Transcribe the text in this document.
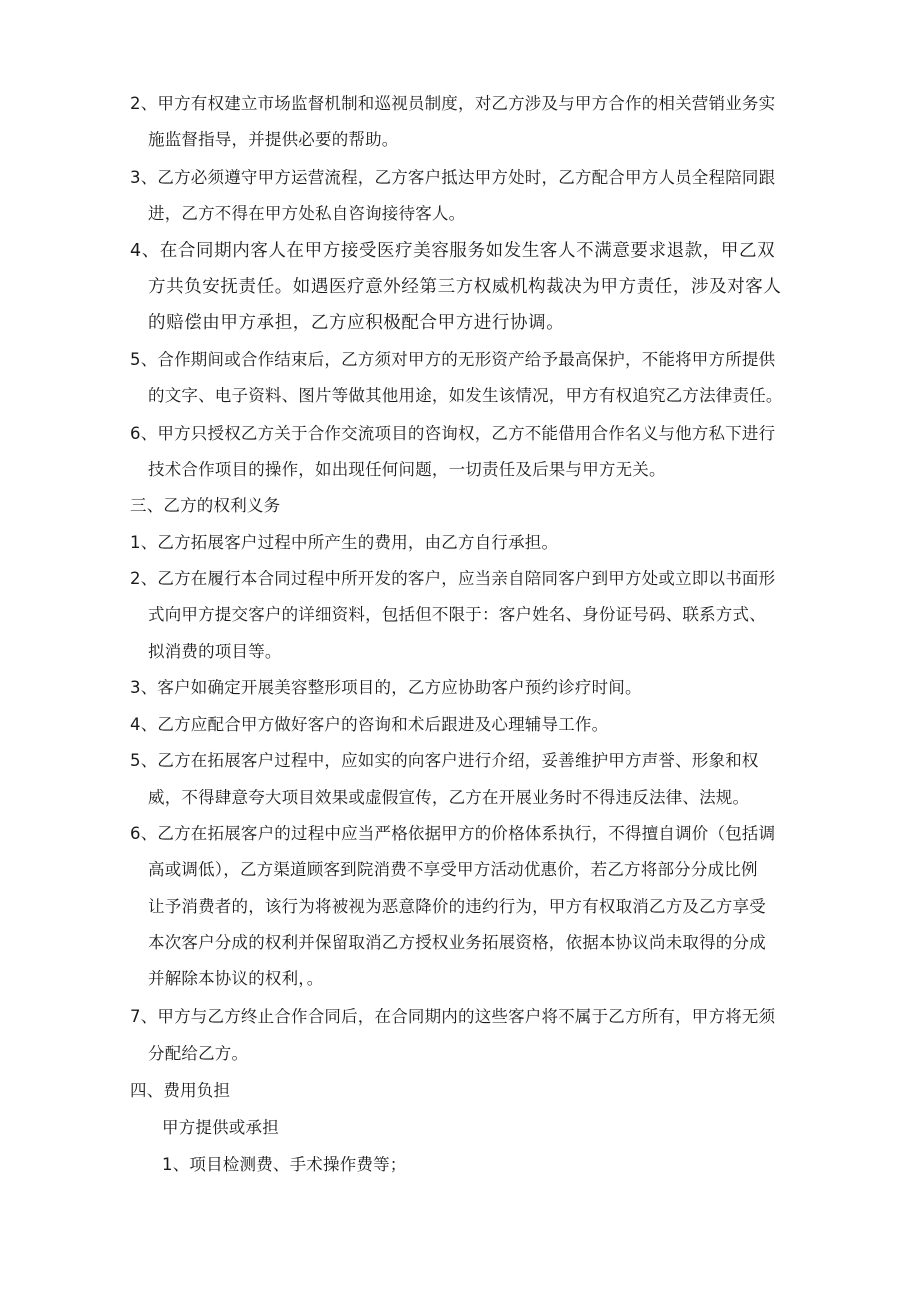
2、甲方有权建立市场监督机制和巡视员制度，对乙方涉及与甲方合作的相关营销业务实
施监督指导，并提供必要的帮助。
3、乙方必须遵守甲方运营流程，乙方客户抵达甲方处时，乙方配合甲方人员全程陪同跟
进，乙方不得在甲方处私自咨询接待客人。
4、在合同期内客人在甲方接受医疗美容服务如发生客人不满意要求退款，甲乙双
方共负安抚责任。如遇医疗意外经第三方权威机构裁决为甲方责任，涉及对客人
的赔偿由甲方承担，乙方应积极配合甲方进行协调。
5、合作期间或合作结束后，乙方须对甲方的无形资产给予最高保护，不能将甲方所提供
的文字、电子资料、图片等做其他用途，如发生该情况，甲方有权追究乙方法律责任。
6、甲方只授权乙方关于合作交流项目的咨询权，乙方不能借用合作名义与他方私下进行
技术合作项目的操作，如出现任何问题，一切责任及后果与甲方无关。
三、乙方的权利义务
1、乙方拓展客户过程中所产生的费用，由乙方自行承担。
2、乙方在履行本合同过程中所开发的客户，应当亲自陪同客户到甲方处或立即以书面形
式向甲方提交客户的详细资料，包括但不限于：客户姓名、身份证号码、联系方式、
拟消费的项目等。
3、客户如确定开展美容整形项目的，乙方应协助客户预约诊疗时间。
4、乙方应配合甲方做好客户的咨询和术后跟进及心理辅导工作。
5、乙方在拓展客户过程中，应如实的向客户进行介绍，妥善维护甲方声誉、形象和权
威，不得肆意夸大项目效果或虚假宣传，乙方在开展业务时不得违反法律、法规。
6、乙方在拓展客户的过程中应当严格依据甲方的价格体系执行，不得擅自调价（包括调
高或调低），乙方渠道顾客到院消费不享受甲方活动优惠价，若乙方将部分分成比例
让予消费者的，该行为将被视为恶意降价的违约行为，甲方有权取消乙方及乙方享受
本次客户分成的权利并保留取消乙方授权业务拓展资格，依据本协议尚未取得的分成
并解除本协议的权利，。
7、甲方与乙方终止合作合同后，在合同期内的这些客户将不属于乙方所有，甲方将无须
分配给乙方。
四、费用负担
甲方提供或承担
1、项目检测费、手术操作费等；
